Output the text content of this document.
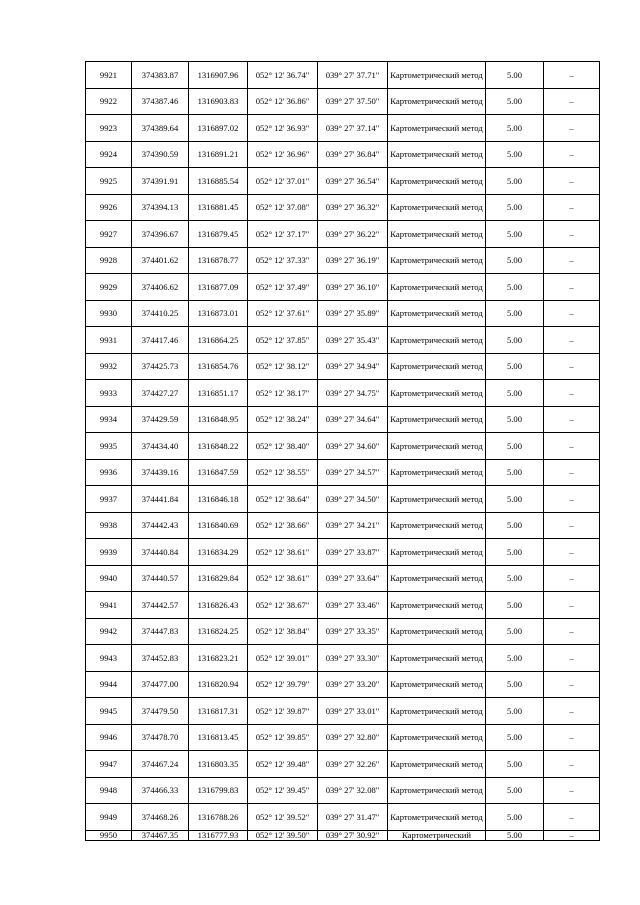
9921	374383.87	1316907.96	052° 12' 36.74"	039° 27' 37.71"	Картометрический метод	5.00	–
9922	374387.46	1316903.83	052° 12' 36.86"	039° 27' 37.50"	Картометрический метод	5.00	–
9923	374389.64	1316897.02	052° 12' 36.93"	039° 27' 37.14"	Картометрический метод	5.00	–
9924	374390.59	1316891.21	052° 12' 36.96"	039° 27' 36.84"	Картометрический метод	5.00	–
9925	374391.91	1316885.54	052° 12' 37.01"	039° 27' 36.54"	Картометрический метод	5.00	–
9926	374394.13	1316881.45	052° 12' 37.08"	039° 27' 36.32"	Картометрический метод	5.00	–
9927	374396.67	1316879.45	052° 12' 37.17"	039° 27' 36.22"	Картометрический метод	5.00	–
9928	374401.62	1316878.77	052° 12' 37.33"	039° 27' 36.19"	Картометрический метод	5.00	–
9929	374406.62	1316877.09	052° 12' 37.49"	039° 27' 36.10"	Картометрический метод	5.00	–
9930	374410.25	1316873.01	052° 12' 37.61"	039° 27' 35.89"	Картометрический метод	5.00	–
9931	374417.46	1316864.25	052° 12' 37.85"	039° 27' 35.43"	Картометрический метод	5.00	–
9932	374425.73	1316854.76	052° 12' 38.12"	039° 27' 34.94"	Картометрический метод	5.00	–
9933	374427.27	1316851.17	052° 12' 38.17"	039° 27' 34.75"	Картометрический метод	5.00	–
9934	374429.59	1316848.95	052° 12' 38.24"	039° 27' 34.64"	Картометрический метод	5.00	–
9935	374434.40	1316848.22	052° 12' 38.40"	039° 27' 34.60"	Картометрический метод	5.00	–
9936	374439.16	1316847.59	052° 12' 38.55"	039° 27' 34.57"	Картометрический метод	5.00	–
9937	374441.84	1316846.18	052° 12' 38.64"	039° 27' 34.50"	Картометрический метод	5.00	–
9938	374442.43	1316840.69	052° 12' 38.66"	039° 27' 34.21"	Картометрический метод	5.00	–
9939	374440.84	1316834.29	052° 12' 38.61"	039° 27' 33.87"	Картометрический метод	5.00	–
9940	374440.57	1316829.84	052° 12' 38.61"	039° 27' 33.64"	Картометрический метод	5.00	–
9941	374442.57	1316826.43	052° 12' 38.67"	039° 27' 33.46"	Картометрический метод	5.00	–
9942	374447.83	1316824.25	052° 12' 38.84"	039° 27' 33.35"	Картометрический метод	5.00	–
9943	374452.83	1316823.21	052° 12' 39.01"	039° 27' 33.30"	Картометрический метод	5.00	–
9944	374477.00	1316820.94	052° 12' 39.79"	039° 27' 33.20"	Картометрический метод	5.00	–
9945	374479.50	1316817.31	052° 12' 39.87"	039° 27' 33.01"	Картометрический метод	5.00	–
9946	374478.70	1316813.45	052° 12' 39.85"	039° 27' 32.80"	Картометрический метод	5.00	–
9947	374467.24	1316803.35	052° 12' 39.48"	039° 27' 32.26"	Картометрический метод	5.00	–
9948	374466.33	1316799.83	052° 12' 39.45"	039° 27' 32.08"	Картометрический метод	5.00	–
9949	374468.26	1316788.26	052° 12' 39.52"	039° 27' 31.47"	Картометрический метод	5.00	–
9950	374467.35	1316777.93	052° 12' 39.50"	039° 27' 30.92"	Картометрический	5.00	–
